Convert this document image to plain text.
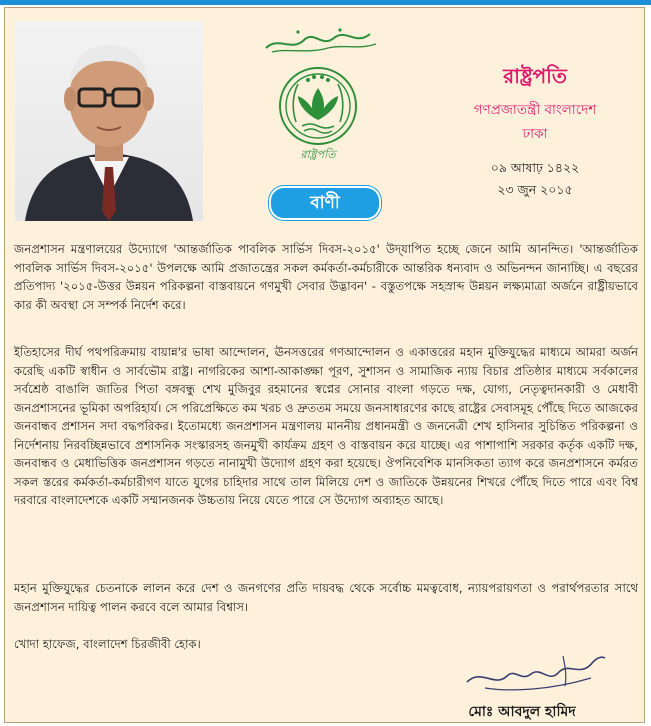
রাষ্ট্রপতি
বাণী

রাষ্ট্রপতি

গণপ্রজাতন্ত্রী বাংলাদেশ

ঢাকা

০৯ আষাঢ় ১৪২২

২৩ জুন ২০১৫

জনপ্রশাসন মন্ত্রণালয়ের উদ্যোগে 'আন্তর্জাতিক পাবলিক সার্ভিস দিবস-২০১৫' উদ্‌যাপিত হচ্ছে জেনে আমি আনন্দিত। 'আন্তর্জাতিক পাবলিক সার্ভিস দিবস-২০১৫' উপলক্ষে আমি প্রজাতন্ত্রের সকল কর্মকর্তা-কর্মচারীকে আন্তরিক ধন্যবাদ ও অভিনন্দন জানাচ্ছি। এ বছরের প্রতিপাদ্য '২০১৫-উত্তর উন্নয়ন পরিকল্পনা বাস্তবায়নে গণমুখী সেবার উদ্ভাবন' - বস্তুতপক্ষে সহস্রাব্দ উন্নয়ন লক্ষ্যমাত্রা অর্জনে রাষ্ট্রীয়ভাবে কার কী অবস্থা সে সম্পর্ক নির্দেশ করে।

ইতিহাসের দীর্ঘ পথপরিক্রমায় বায়ান্ন'র ভাষা আন্দোলন, ঊনসত্তরের গণআন্দোলন ও একাত্তরের মহান মুক্তিযুদ্ধের মাধ্যমে আমরা অর্জন করেছি একটি স্বাধীন ও সার্বভৌম রাষ্ট্র। নাগরিকের আশা-আকাঙ্ক্ষা পূরণ, সুশাসন ও সামাজিক ন্যায় বিচার প্রতিষ্ঠার মাধ্যমে সর্বকালের সর্বশ্রেষ্ঠ বাঙালি জাতির পিতা বঙ্গবন্ধু শেখ মুজিবুর রহমানের স্বপ্নের সোনার বাংলা গড়তে দক্ষ, যোগ্য, নেতৃত্বদানকারী ও মেধাবী জনপ্রশাসনের ভূমিকা অপরিহার্য। সে পরিপ্রেক্ষিতে কম খরচ ও দ্রুততম সময়ে জনসাধারণের কাছে রাষ্ট্রের সেবাসমূহ পৌঁছে দিতে আজকের জনবান্ধব প্রশাসন সদা বদ্ধপরিকর। ইতোমধ্যে জনপ্রশাসন মন্ত্রণালয় মাননীয় প্রধানমন্ত্রী ও জননেত্রী শেখ হাসিনার সুচিন্তিত পরিকল্পনা ও নির্দেশনায় নিরবচ্ছিন্নভাবে প্রশাসনিক সংস্কারসহ জনমুখী কার্যক্রম গ্রহণ ও বাস্তবায়ন করে যাচ্ছে। এর পাশাপাশি সরকার কর্তৃক একটি দক্ষ, জনবান্ধব ও মেধাভিত্তিক জনপ্রশাসন গড়তে নানামুখী উদ্যোগ গ্রহণ করা হয়েছে। ঔপনিবেশিক মানসিকতা ত্যাগ করে জনপ্রশাসনে কর্মরত সকল স্তরের কর্মকর্তা-কর্মচারীগণ যাতে যুগের চাহিদার সাথে তাল মিলিয়ে দেশ ও জাতিকে উন্নয়নের শিখরে পৌঁছে দিতে পারে এবং বিশ্ব দরবারে বাংলাদেশকে একটি সম্মানজনক উচ্চতায় নিয়ে যেতে পারে সে উদ্যোগ অব্যাহত আছে।

মহান মুক্তিযুদ্ধের চেতনাকে লালন করে দেশ ও জনগণের প্রতি দায়বদ্ধ থেকে সর্বোচ্চ মমত্ববোধ, ন্যায়পরায়ণতা ও পরার্থপরতার সাথে জনপ্রশাসন দায়িত্ব পালন করবে বলে আমার বিশ্বাস।

খোদা হাফেজ, বাংলাদেশ চিরজীবী হোক।

মোঃ আবদুল হামিদ
